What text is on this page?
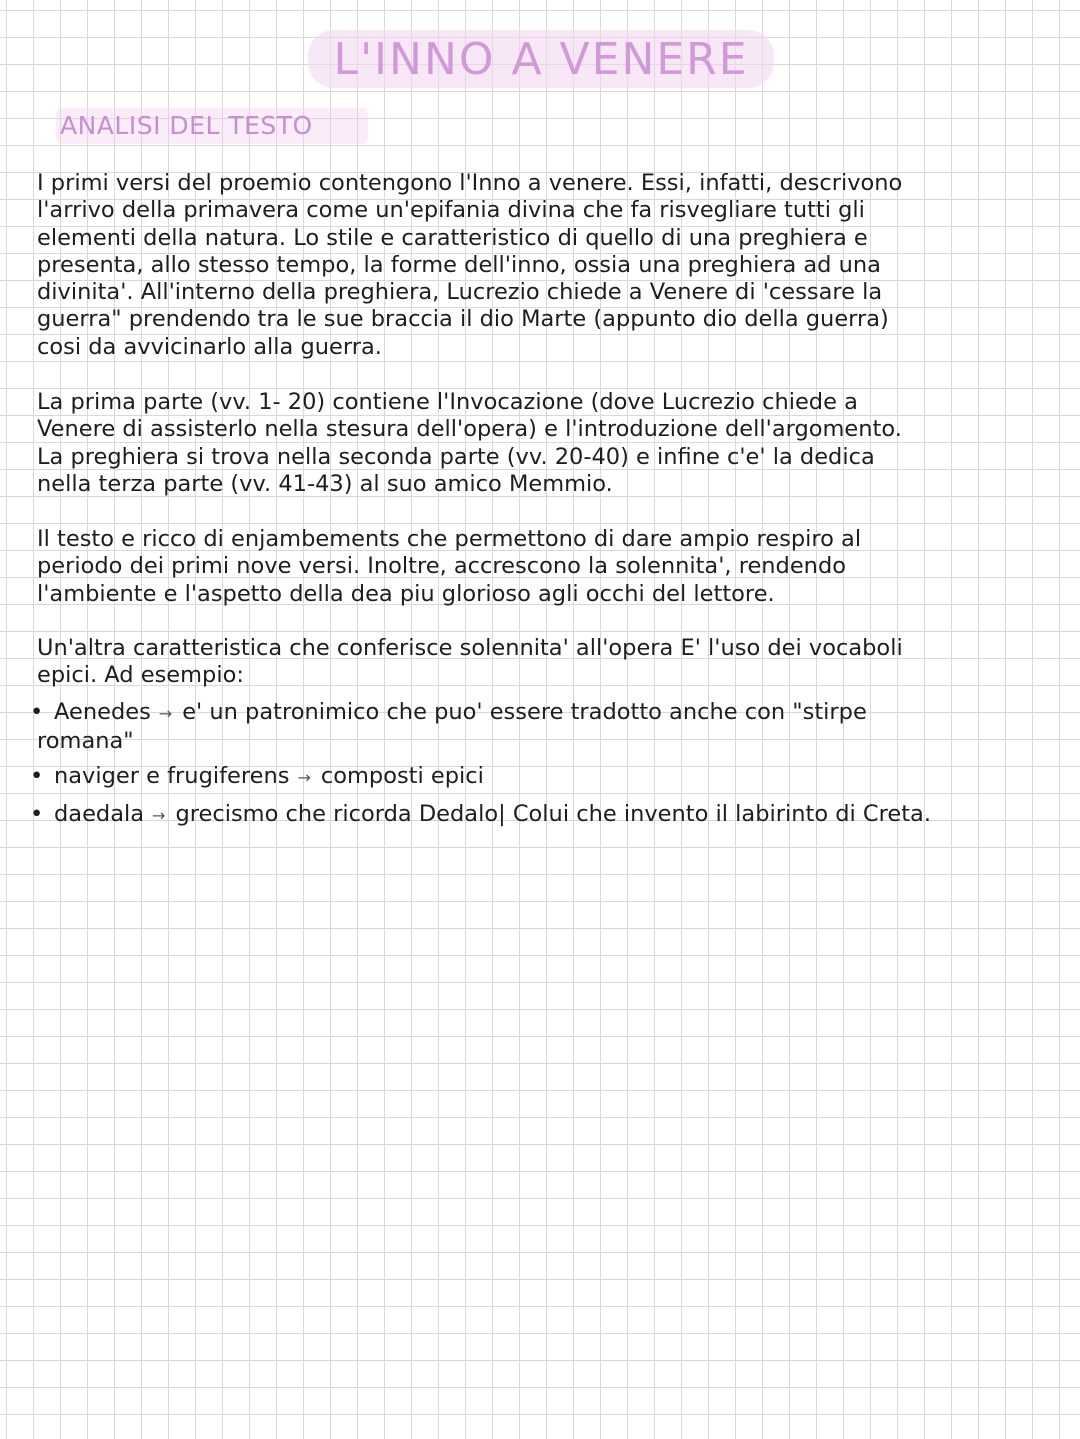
L'INNO A VENERE
ANALISI DEL TESTO

I primi versi del proemio contengono l'Inno a venere. Essi, infatti, descrivono

l'arrivo della primavera come un'epifania divina che fa risvegliare tutti gli

elementi della natura. Lo stile e caratteristico di quello di una preghiera e

presenta, allo stesso tempo, la forme dell'inno, ossia una preghiera ad una

divinita'. All'interno della preghiera, Lucrezio chiede a Venere di 'cessare la

guerra" prendendo tra le sue braccia il dio Marte (appunto dio della guerra)

cosi da avvicinarlo alla guerra.

La prima parte (vv. 1- 20) contiene l'Invocazione (dove Lucrezio chiede a

Venere di assisterlo nella stesura dell'opera) e l'introduzione dell'argomento.

La preghiera si trova nella seconda parte (vv. 20-40) e infine c'e' la dedica

nella terza parte (vv. 41-43) al suo amico Memmio.

Il testo e ricco di enjambements che permettono di dare ampio respiro al

periodo dei primi nove versi. Inoltre, accrescono la solennita', rendendo

l'ambiente e l'aspetto della dea piu glorioso agli occhi del lettore.

Un'altra caratteristica che conferisce solennita' all'opera E' l'uso dei vocaboli

epici. Ad esempio:

• Aenedes → e' un patronimico che puo' essere tradotto anche con "stirpe
romana"
• naviger e frugiferens → composti epici
• daedala → grecismo che ricorda Dedalo| Colui che invento il labirinto di Creta.
